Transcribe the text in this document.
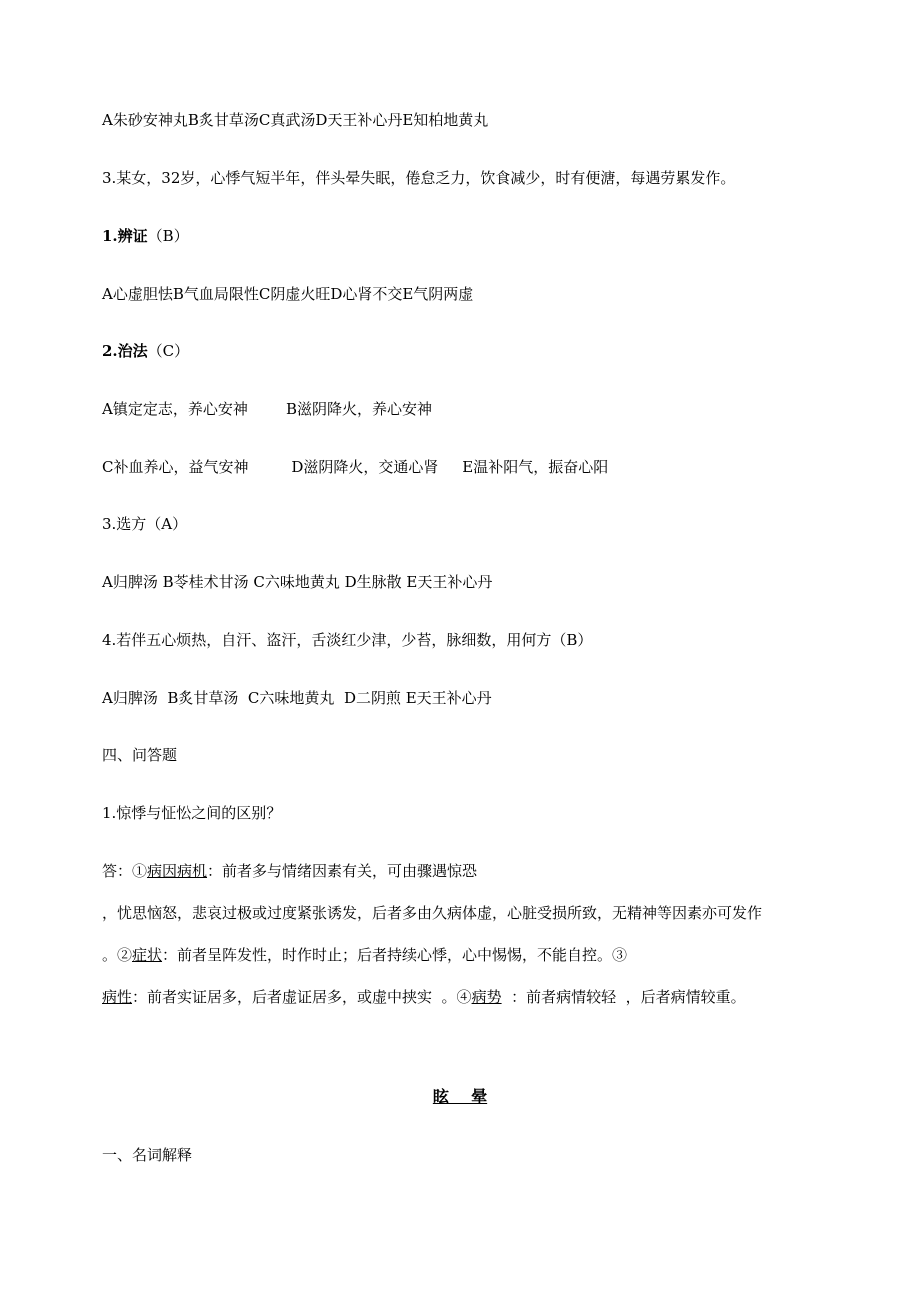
A朱砂安神丸B炙甘草汤C真武汤D天王补心丹E知柏地黄丸
3.某女，32岁，心悸气短半年，伴头晕失眠，倦怠乏力，饮食减少，时有便溏，每遇劳累发作。
1.辨证（B）
A心虚胆怯B气血局限性C阴虚火旺D心肾不交E气阴两虚
2.治法（C）
A镇定定志，养心安神        B滋阴降火，养心安神
C补血养心，益气安神         D滋阴降火，交通心肾     E温补阳气，振奋心阳
3.选方（A）
A归脾汤 B苓桂术甘汤 C六味地黄丸 D生脉散 E天王补心丹
4.若伴五心烦热，自汗、盗汗，舌淡红少津，少苔，脉细数，用何方（B）
A归脾汤  B炙甘草汤  C六味地黄丸  D二阴煎 E天王补心丹
四、问答题
1.惊悸与怔忪之间的区别？
答：①病因病机：前者多与情绪因素有关，可由骤遇惊恐
，忧思恼怒，悲哀过极或过度紧张诱发，后者多由久病体虚，心脏受损所致，无精神等因素亦可发作
。②症状：前者呈阵发性，时作时止；后者持续心悸，心中惕惕，不能自控。③
病性：前者实证居多，后者虚证居多，或虚中挟实  。④病势  ：前者病情较轻  ，后者病情较重。
眩    晕
一、名词解释
